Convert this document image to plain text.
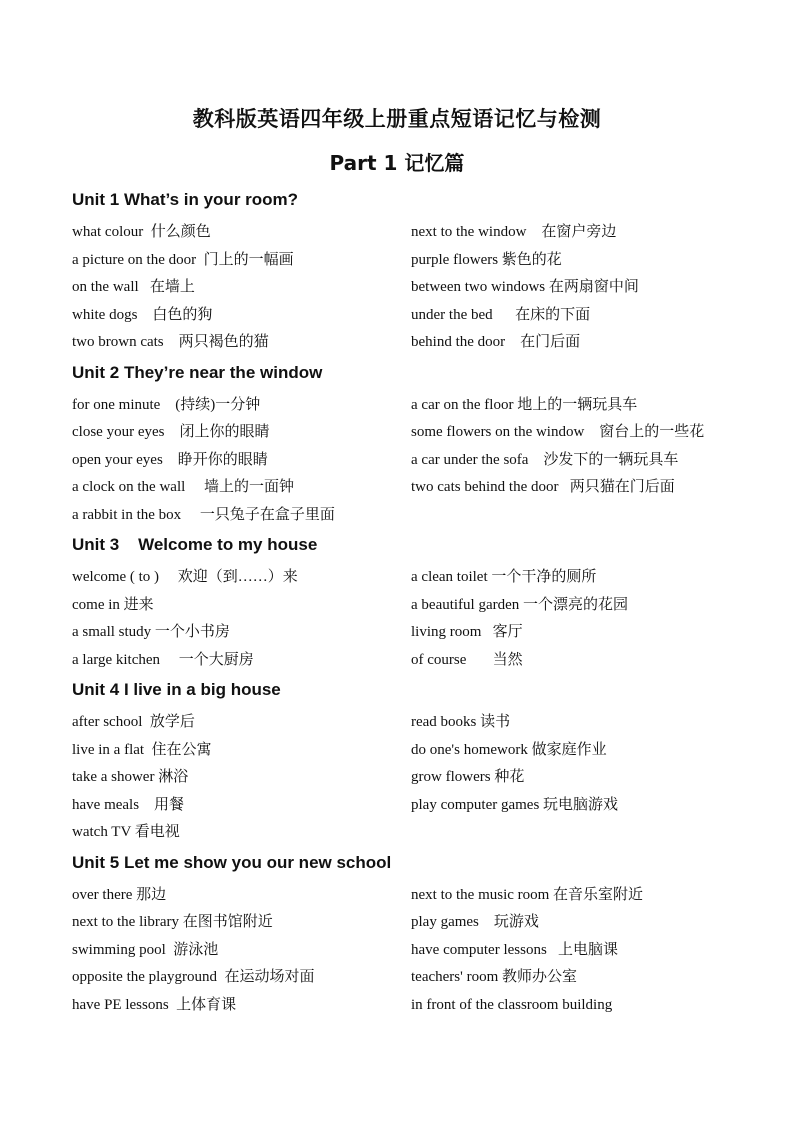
教科版英语四年级上册重点短语记忆与检测
Part 1 记忆篇
Unit 1 What’s in your room?
what colour  什么颜色	next to the window    在窗户旁边
a picture on the door  门上的一幅画	purple flowers 紫色的花
on the wall   在墙上	between two windows 在两扇窗中间
white dogs    白色的狗	under the bed      在床的下面
two brown cats    两只褐色的猫	behind the door    在门后面
Unit 2 They’re near the window
for one minute    (持续)一分钟	a car on the floor 地上的一辆玩具车
close your eyes    闭上你的眼睛	some flowers on the window    窗台上的一些花
open your eyes    睁开你的眼睛	a car under the sofa    沙发下的一辆玩具车
a clock on the wall     墙上的一面钟	two cats behind the door   两只猫在门后面
a rabbit in the box     一只兔子在盒子里面
Unit 3    Welcome to my house
welcome ( to )     欢迎（到……）来	a clean toilet 一个干净的厕所
come in 进来	a beautiful garden 一个漂亮的花园
a small study 一个小书房	living room   客厅
a large kitchen     一个大厨房	of course       当然
Unit 4 I live in a big house
after school  放学后	read books 读书
live in a flat  住在公寓	do one's homework 做家庭作业
take a shower 淋浴	grow flowers 种花
have meals    用餐	play computer games 玩电脑游戏
watch TV 看电视
Unit 5 Let me show you our new school
over there 那边	next to the music room 在音乐室附近
next to the library 在图书馆附近	play games    玩游戏
swimming pool  游泳池	have computer lessons   上电脑课
opposite the playground  在运动场对面	teachers' room 教师办公室
have PE lessons  上体育课	in front of the classroom building
